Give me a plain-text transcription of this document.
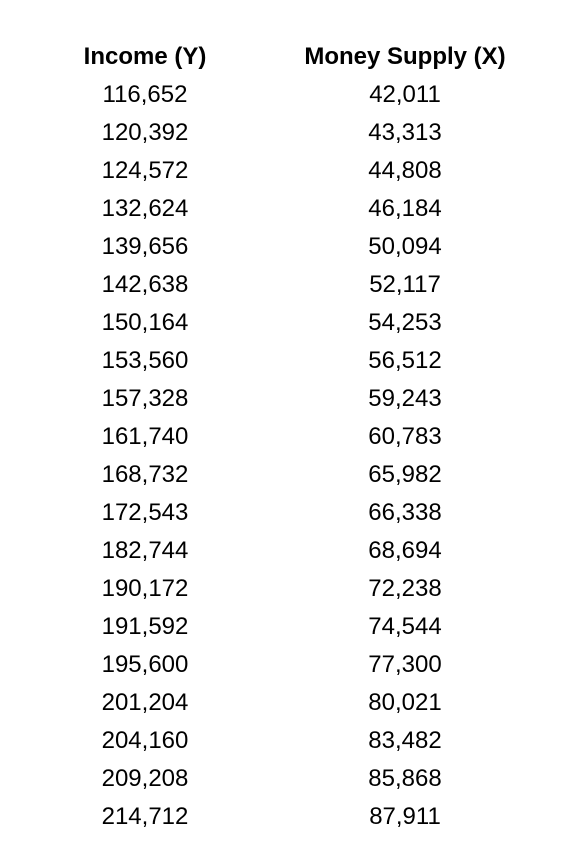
Income (Y)	Money Supply (X)
116,652	42,011
120,392	43,313
124,572	44,808
132,624	46,184
139,656	50,094
142,638	52,117
150,164	54,253
153,560	56,512
157,328	59,243
161,740	60,783
168,732	65,982
172,543	66,338
182,744	68,694
190,172	72,238
191,592	74,544
195,600	77,300
201,204	80,021
204,160	83,482
209,208	85,868
214,712	87,911
